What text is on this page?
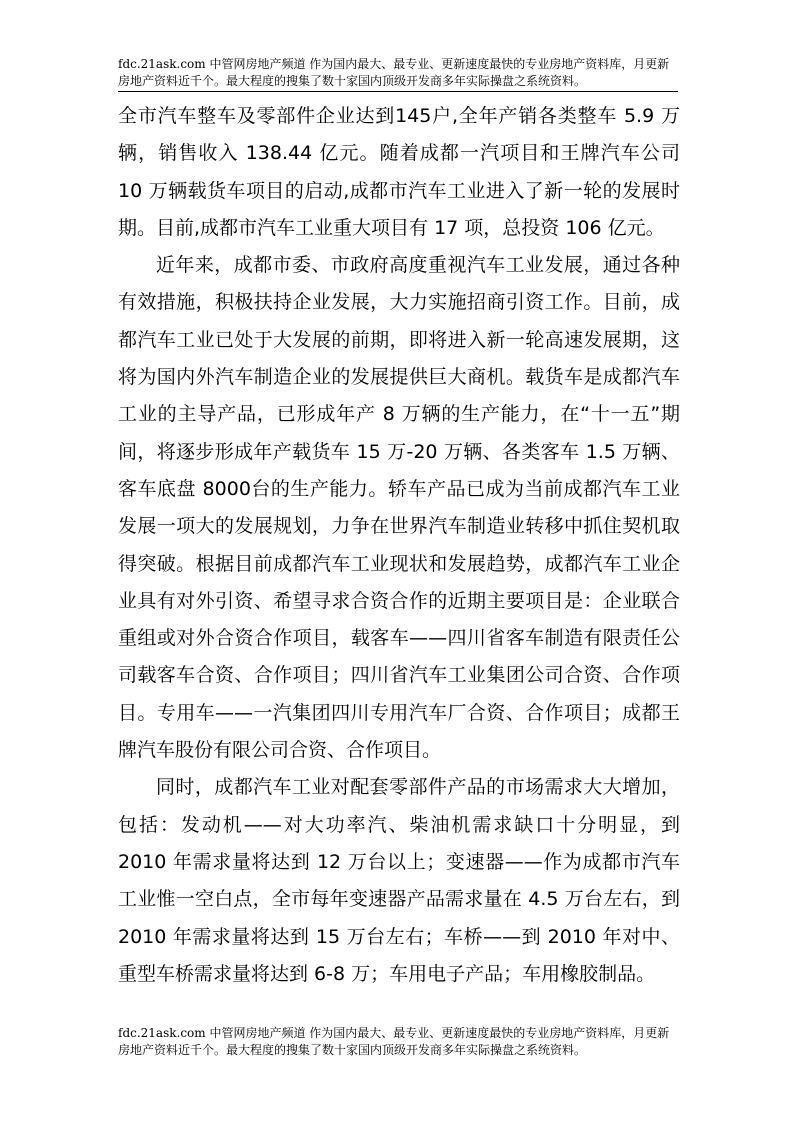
fdc.21ask.com 中管网房地产频道 作为国内最大、最专业、更新速度最快的专业房地产资料库，月更新房地产资料近千个。最大程度的搜集了数十家国内顶级开发商多年实际操盘之系统资料。

全市汽车整车及零部件企业达到145户,全年产销各类整车 5.9 万辆，销售收入 138.44 亿元。随着成都一汽项目和王牌汽车公司 10 万辆载货车项目的启动,成都市汽车工业进入了新一轮的发展时期。目前,成都市汽车工业重大项目有 17 项，总投资 106 亿元。

近年来，成都市委、市政府高度重视汽车工业发展，通过各种有效措施，积极扶持企业发展，大力实施招商引资工作。目前，成都汽车工业已处于大发展的前期，即将进入新一轮高速发展期，这将为国内外汽车制造企业的发展提供巨大商机。载货车是成都汽车工业的主导产品，已形成年产 8 万辆的生产能力，在“十一五”期间，将逐步形成年产载货车 15 万-20 万辆、各类客车 1.5 万辆、客车底盘 8000台的生产能力。轿车产品已成为当前成都汽车工业发展一项大的发展规划，力争在世界汽车制造业转移中抓住契机取得突破。根据目前成都汽车工业现状和发展趋势，成都汽车工业企业具有对外引资、希望寻求合资合作的近期主要项目是：企业联合重组或对外合资合作项目，载客车——四川省客车制造有限责任公司载客车合资、合作项目；四川省汽车工业集团公司合资、合作项目。专用车——一汽集团四川专用汽车厂合资、合作项目；成都王牌汽车股份有限公司合资、合作项目。

同时，成都汽车工业对配套零部件产品的市场需求大大增加，包括：发动机——对大功率汽、柴油机需求缺口十分明显，到 2010 年需求量将达到 12 万台以上；变速器——作为成都市汽车工业惟一空白点，全市每年变速器产品需求量在 4.5 万台左右，到 2010 年需求量将达到 15 万台左右；车桥——到 2010 年对中、重型车桥需求量将达到 6-8 万；车用电子产品；车用橡胶制品。

fdc.21ask.com 中管网房地产频道 作为国内最大、最专业、更新速度最快的专业房地产资料库，月更新房地产资料近千个。最大程度的搜集了数十家国内顶级开发商多年实际操盘之系统资料。
